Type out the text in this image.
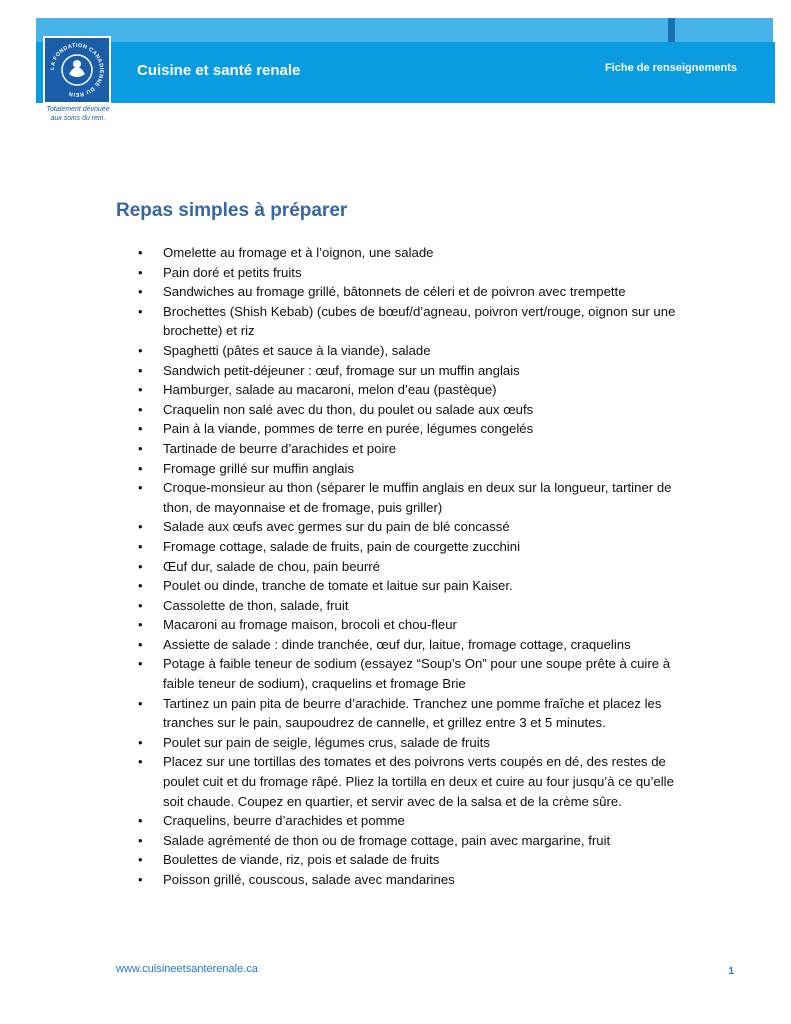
LA FONDATION CANADIENNE DU REIN
Totalement dévouée
aux soins du rein.
Cuisine et santé renale	Fiche de renseignements
Repas simples à préparer
• Omelette au fromage et à l’oignon, une salade
• Pain doré et petits fruits
• Sandwiches au fromage grillé, bâtonnets de céleri et de poivron avec trempette
• Brochettes (Shish Kebab) (cubes de bœuf/d’agneau, poivron vert/rouge, oignon sur une brochette) et riz
• Spaghetti (pâtes et sauce à la viande), salade
• Sandwich petit-déjeuner : œuf, fromage sur un muffin anglais
• Hamburger, salade au macaroni, melon d’eau (pastèque)
• Craquelin non salé avec du thon, du poulet ou salade aux œufs
• Pain à la viande, pommes de terre en purée, légumes congelés
• Tartinade de beurre d’arachides et poire
• Fromage grillé sur muffin anglais
• Croque-monsieur au thon (séparer le muffin anglais en deux sur la longueur, tartiner de thon, de mayonnaise et de fromage, puis griller)
• Salade aux œufs avec germes sur du pain de blé concassé
• Fromage cottage, salade de fruits, pain de courgette zucchini
• Œuf dur, salade de chou, pain beurré
• Poulet ou dinde, tranche de tomate et laitue sur pain Kaiser.
• Cassolette de thon, salade, fruit
• Macaroni au fromage maison, brocoli et chou-fleur
• Assiette de salade : dinde tranchée, œuf dur, laitue, fromage cottage, craquelins
• Potage à faible teneur de sodium (essayez “Soup’s On” pour une soupe prête à cuire à faible teneur de sodium), craquelins et fromage Brie
• Tartinez un pain pita de beurre d’arachide. Tranchez une pomme fraîche et placez les tranches sur le pain, saupoudrez de cannelle, et grillez entre 3 et 5 minutes.
• Poulet sur pain de seigle, légumes crus, salade de fruits
• Placez sur une tortillas des tomates et des poivrons verts coupés en dé, des restes de poulet cuit et du fromage râpé. Pliez la tortilla en deux et cuire au four jusqu’à ce qu’elle soit chaude. Coupez en quartier, et servir avec de la salsa et de la crème sûre.
• Craquelins, beurre d’arachides et pomme
• Salade agrémenté de thon ou de fromage cottage, pain avec margarine, fruit
• Boulettes de viande, riz, pois et salade de fruits
• Poisson grillé, couscous, salade avec mandarines
www.cuisineetsanterenale.ca	1
